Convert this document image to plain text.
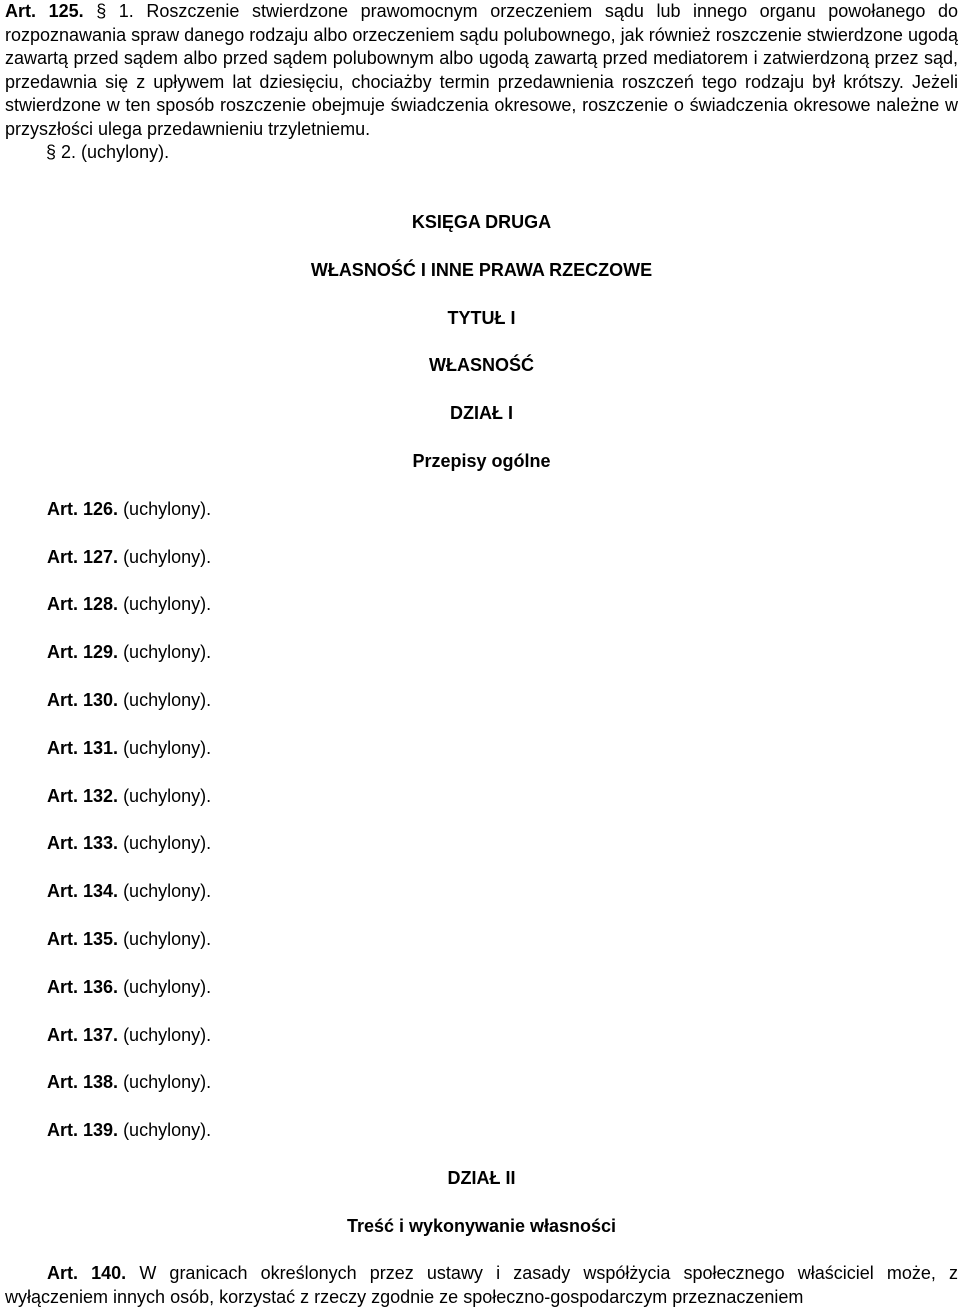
Art. 125. § 1. Roszczenie stwierdzone prawomocnym orzeczeniem sądu lub innego organu powołanego do rozpoznawania spraw danego rodzaju albo orzeczeniem sądu polubownego, jak również roszczenie stwierdzone ugodą zawartą przed sądem albo przed sądem polubownym albo ugodą zawartą przed mediatorem i zatwierdzoną przez sąd, przedawnia się z upływem lat dziesięciu, chociażby termin przedawnienia roszczeń tego rodzaju był krótszy. Jeżeli stwierdzone w ten sposób roszczenie obejmuje świadczenia okresowe, roszczenie o świadczenia okresowe należne w przyszłości ulega przedawnieniu trzyletniemu.

§ 2. (uchylony).

KSIĘGA DRUGA

WŁASNOŚĆ I INNE PRAWA RZECZOWE

TYTUŁ I

WŁASNOŚĆ

DZIAŁ I

Przepisy ogólne

Art. 126. (uchylony).

Art. 127. (uchylony).

Art. 128. (uchylony).

Art. 129. (uchylony).

Art. 130. (uchylony).

Art. 131. (uchylony).

Art. 132. (uchylony).

Art. 133. (uchylony).

Art. 134. (uchylony).

Art. 135. (uchylony).

Art. 136. (uchylony).

Art. 137. (uchylony).

Art. 138. (uchylony).

Art. 139. (uchylony).

DZIAŁ II

Treść i wykonywanie własności

Art. 140. W granicach określonych przez ustawy i zasady współżycia społecznego właściciel może, z wyłączeniem innych osób, korzystać z rzeczy zgodnie ze społeczno-gospodarczym przeznaczeniem
